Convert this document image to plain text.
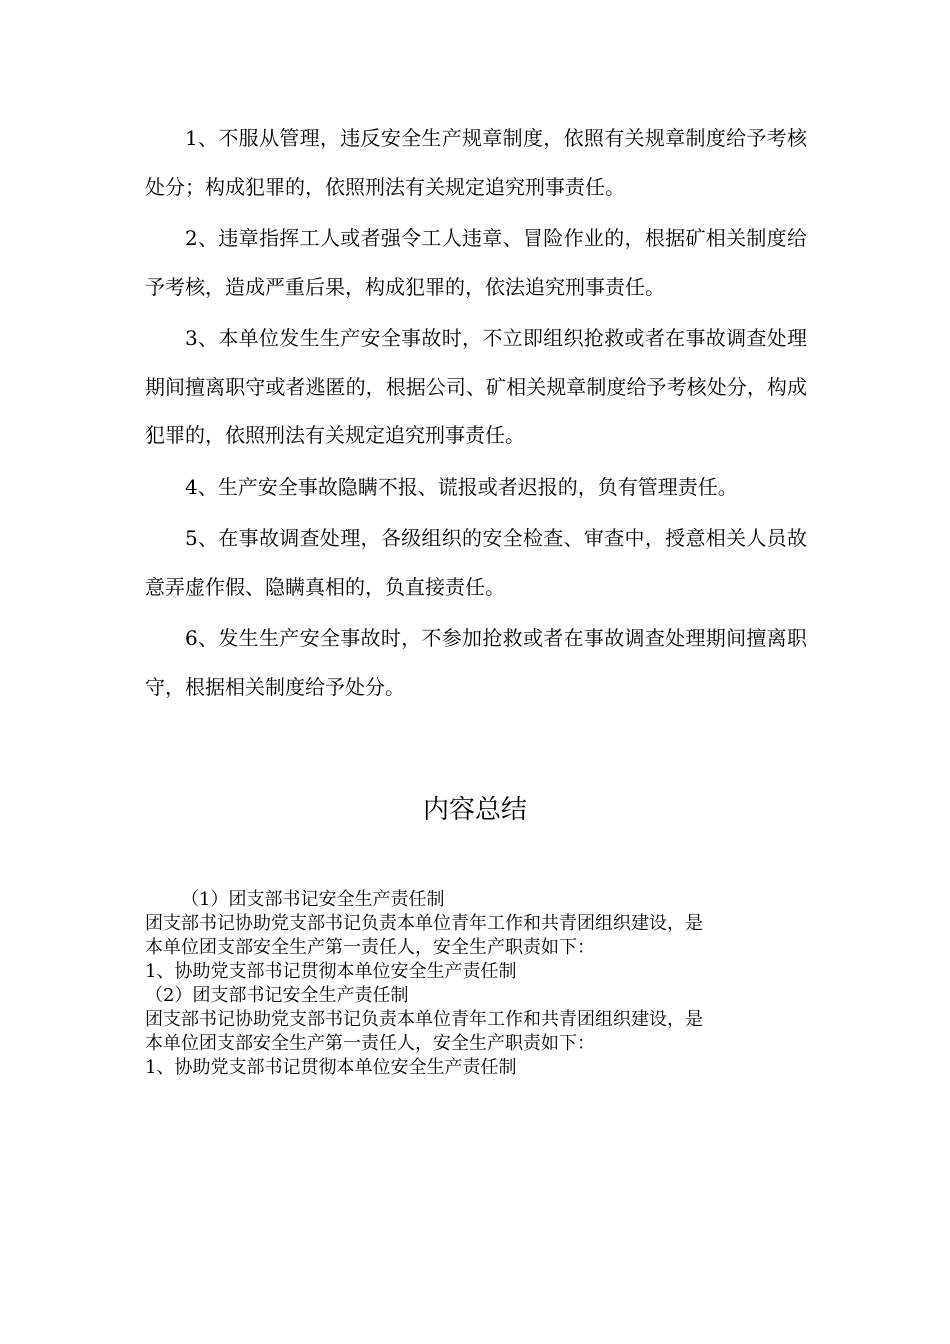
1、不服从管理，违反安全生产规章制度，依照有关规章制度给予考核处分；构成犯罪的，依照刑法有关规定追究刑事责任。

2、违章指挥工人或者强令工人违章、冒险作业的，根据矿相关制度给予考核，造成严重后果，构成犯罪的，依法追究刑事责任。

3、本单位发生生产安全事故时，不立即组织抢救或者在事故调查处理期间擅离职守或者逃匿的，根据公司、矿相关规章制度给予考核处分，构成犯罪的，依照刑法有关规定追究刑事责任。

4、生产安全事故隐瞒不报、谎报或者迟报的，负有管理责任。

5、在事故调查处理，各级组织的安全检查、审查中，授意相关人员故意弄虚作假、隐瞒真相的，负直接责任。

6、发生生产安全事故时，不参加抢救或者在事故调查处理期间擅离职守，根据相关制度给予处分。

内容总结

（1）团支部书记安全生产责任制

团支部书记协助党支部书记负责本单位青年工作和共青团组织建设，是

本单位团支部安全生产第一责任人，安全生产职责如下：

1、协助党支部书记贯彻本单位安全生产责任制

（2）团支部书记安全生产责任制

团支部书记协助党支部书记负责本单位青年工作和共青团组织建设，是

本单位团支部安全生产第一责任人，安全生产职责如下：

1、协助党支部书记贯彻本单位安全生产责任制
